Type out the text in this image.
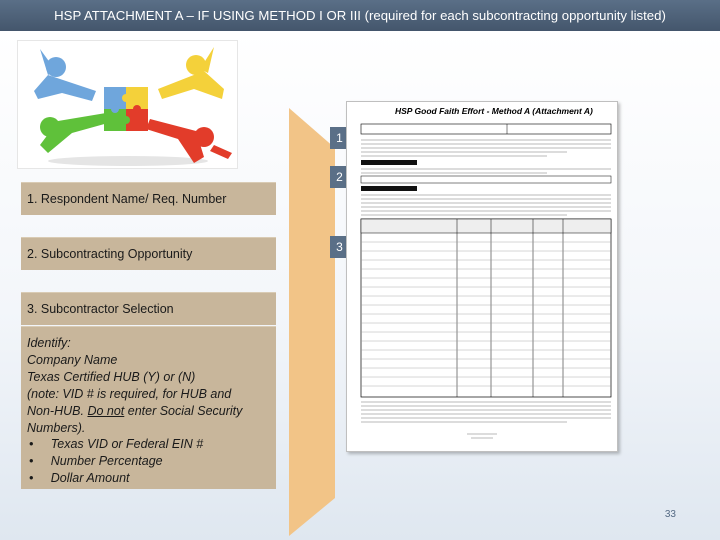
HSP ATTACHMENT A – IF USING METHOD I OR III (required for each subcontracting opportunity listed)
1
2
3
1. Respondent Name/ Req. Number
2. Subcontracting Opportunity
3. Subcontractor Selection
Identify:
Company Name
Texas Certified HUB (Y) or (N)
(note: VID # is required, for HUB and
Non-HUB. Do not enter Social Security
Numbers).
• Texas VID or Federal EIN #
• Number Percentage
• Dollar Amount
HSP Good Faith Effort - Method A (Attachment A)
33
